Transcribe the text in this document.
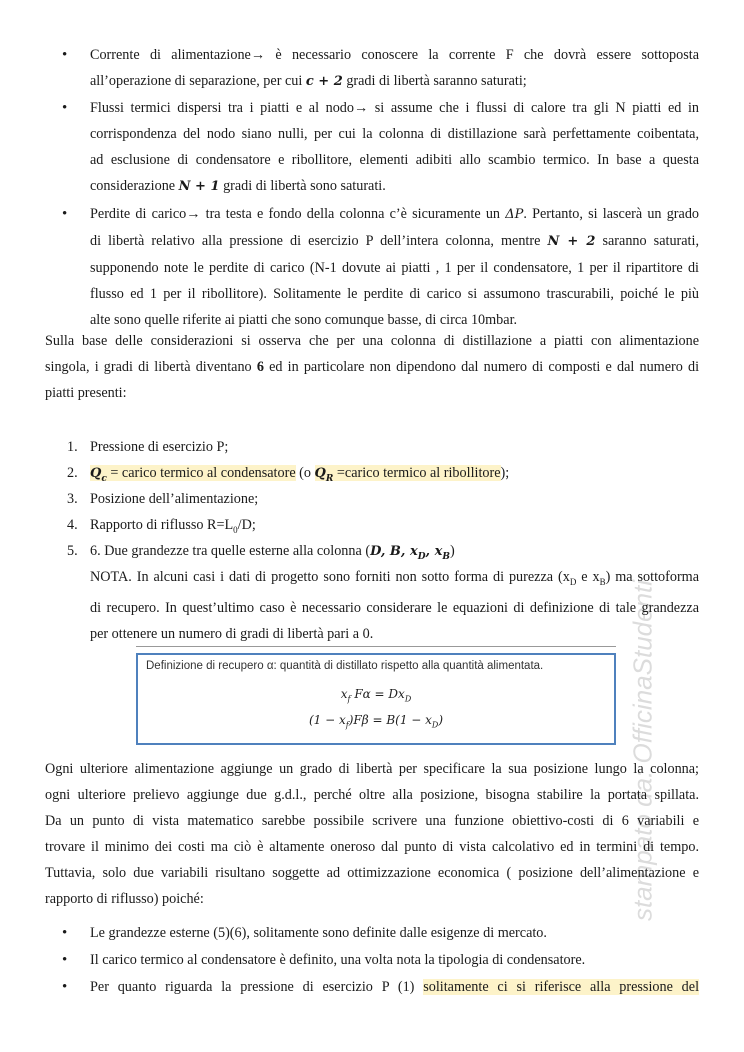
stampato da: OfficinaStudenti
• Corrente di alimentazione→ è necessario conoscere la corrente F che dovrà essere sottoposta
all’operazione di separazione, per cui c + 2 gradi di libertà saranno saturati;
• Flussi termici dispersi tra i piatti e al nodo→ si assume che i flussi di calore tra gli N piatti ed in
corrispondenza del nodo siano nulli, per cui la colonna di distillazione sarà perfettamente coibentata,
ad esclusione di condensatore e ribollitore, elementi adibiti allo scambio termico. In base a questa
considerazione N + 1 gradi di libertà sono saturati.
• Perdite di carico→ tra testa e fondo della colonna c’è sicuramente un ΔP. Pertanto, si lascerà un grado
di libertà relativo alla pressione di esercizio P dell’intera colonna, mentre N + 2 saranno saturati,
supponendo note le perdite di carico (N-1 dovute ai piatti , 1 per il condensatore, 1 per il ripartitore di
flusso ed 1 per il ribollitore). Solitamente le perdite di carico si assumono trascurabili, poiché le più
alte sono quelle riferite ai piatti che sono comunque basse, di circa 10mbar.
Sulla base delle considerazioni si osserva che per una colonna di distillazione a piatti con alimentazione
singola, i gradi di libertà diventano 6 ed in particolare non dipendono dal numero di composti e dal numero di
piatti presenti:
1. Pressione di esercizio P;
2. $Q_c$ = carico termico al condensatore (o $Q_R$ =carico termico al ribollitore);
3. Posizione dell’alimentazione;
4. Rapporto di riflusso $R=L_0/D$;
5. 6. Due grandezze tra quelle esterne alla colonna (D, B, $x_D$, $x_B$)
NOTA. In alcuni casi i dati di progetto sono forniti non sotto forma di purezza ($x_D$ e $x_B$) ma sottoforma
di recupero. In quest’ultimo caso è necessario considerare le equazioni di definizione di tale grandezza
per ottenere un numero di gradi di libertà pari a 0.
Definizione di recupero α: quantità di distillato rispetto alla quantità alimentata.
$x_f$ $F\alpha = Dx_D$
$(1 - x_f)F\beta = B(1 - x_D)$
Ogni ulteriore alimentazione aggiunge un grado di libertà per specificare la sua posizione lungo la colonna;
ogni ulteriore prelievo aggiunge due g.d.l., perché oltre alla posizione, bisogna stabilire la portata spillata.
Da un punto di vista matematico sarebbe possibile scrivere una funzione obiettivo-costi di 6 variabili e
trovare il minimo dei costi ma ciò è altamente oneroso dal punto di vista calcolativo ed in termini di tempo.
Tuttavia, solo due variabili risultano soggette ad ottimizzazione economica ( posizione dell’alimentazione e
rapporto di riflusso) poiché:
• Le grandezze esterne (5)(6), solitamente sono definite dalle esigenze di mercato.
• Il carico termico al condensatore è definito, una volta nota la tipologia di condensatore.
• Per quanto riguarda la pressione di esercizio P (1) solitamente ci si riferisce alla pressione del
